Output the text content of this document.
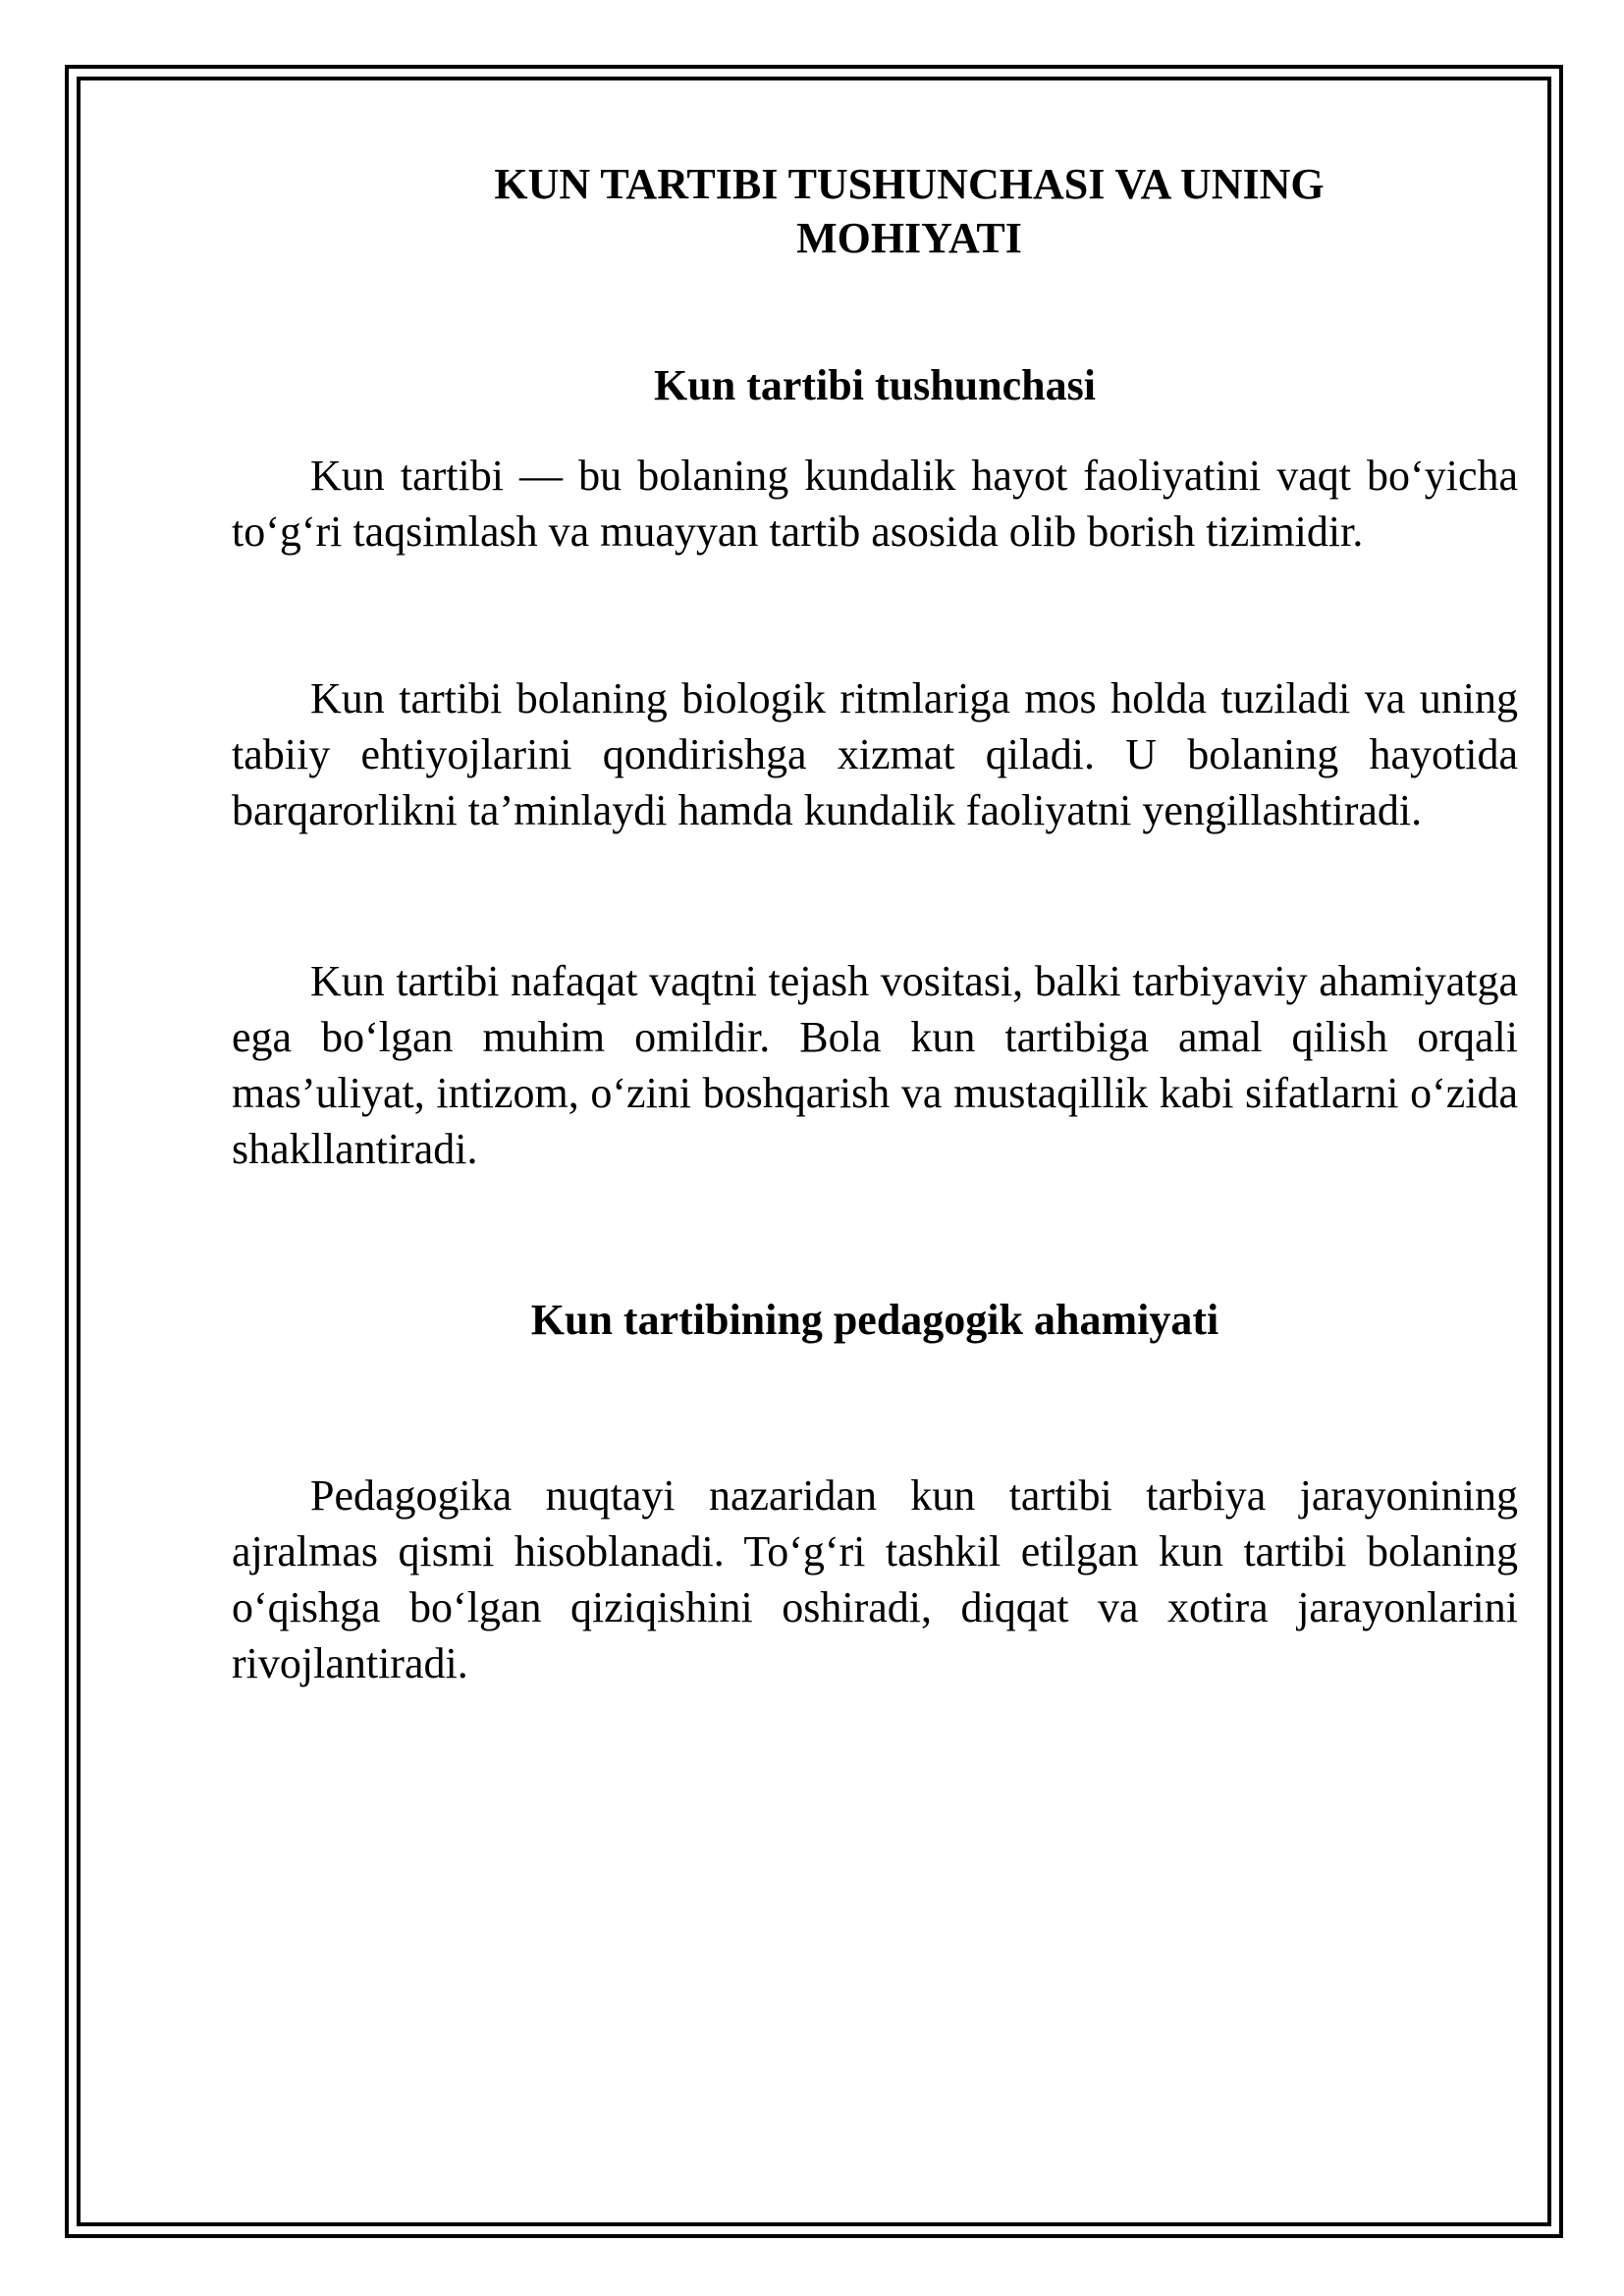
KUN TARTIBI TUSHUNCHASI VA UNING
MOHIYATI
Kun tartibi tushunchasi

Kun tartibi — bu bolaning kundalik hayot faoliyatini vaqt bo‘yicha to‘g‘ri taqsimlash va muayyan tartib asosida olib borish tizimidir.

Kun tartibi bolaning biologik ritmlariga mos holda tuziladi va uning tabiiy ehtiyojlarini qondirishga xizmat qiladi. U bolaning hayotida barqarorlikni ta’minlaydi hamda kundalik faoliyatni yengillashtiradi.

Kun tartibi nafaqat vaqtni tejash vositasi, balki tarbiyaviy ahamiyatga ega bo‘lgan muhim omildir. Bola kun tartibiga amal qilish orqali mas’uliyat, intizom, o‘zini boshqarish va mustaqillik kabi sifatlarni o‘zida shakllantiradi.

Kun tartibining pedagogik ahamiyati

Pedagogika nuqtayi nazaridan kun tartibi tarbiya jarayonining ajralmas qismi hisoblanadi. To‘g‘ri tashkil etilgan kun tartibi bolaning o‘qishga bo‘lgan qiziqishini oshiradi, diqqat va xotira jarayonlarini rivojlantiradi.
